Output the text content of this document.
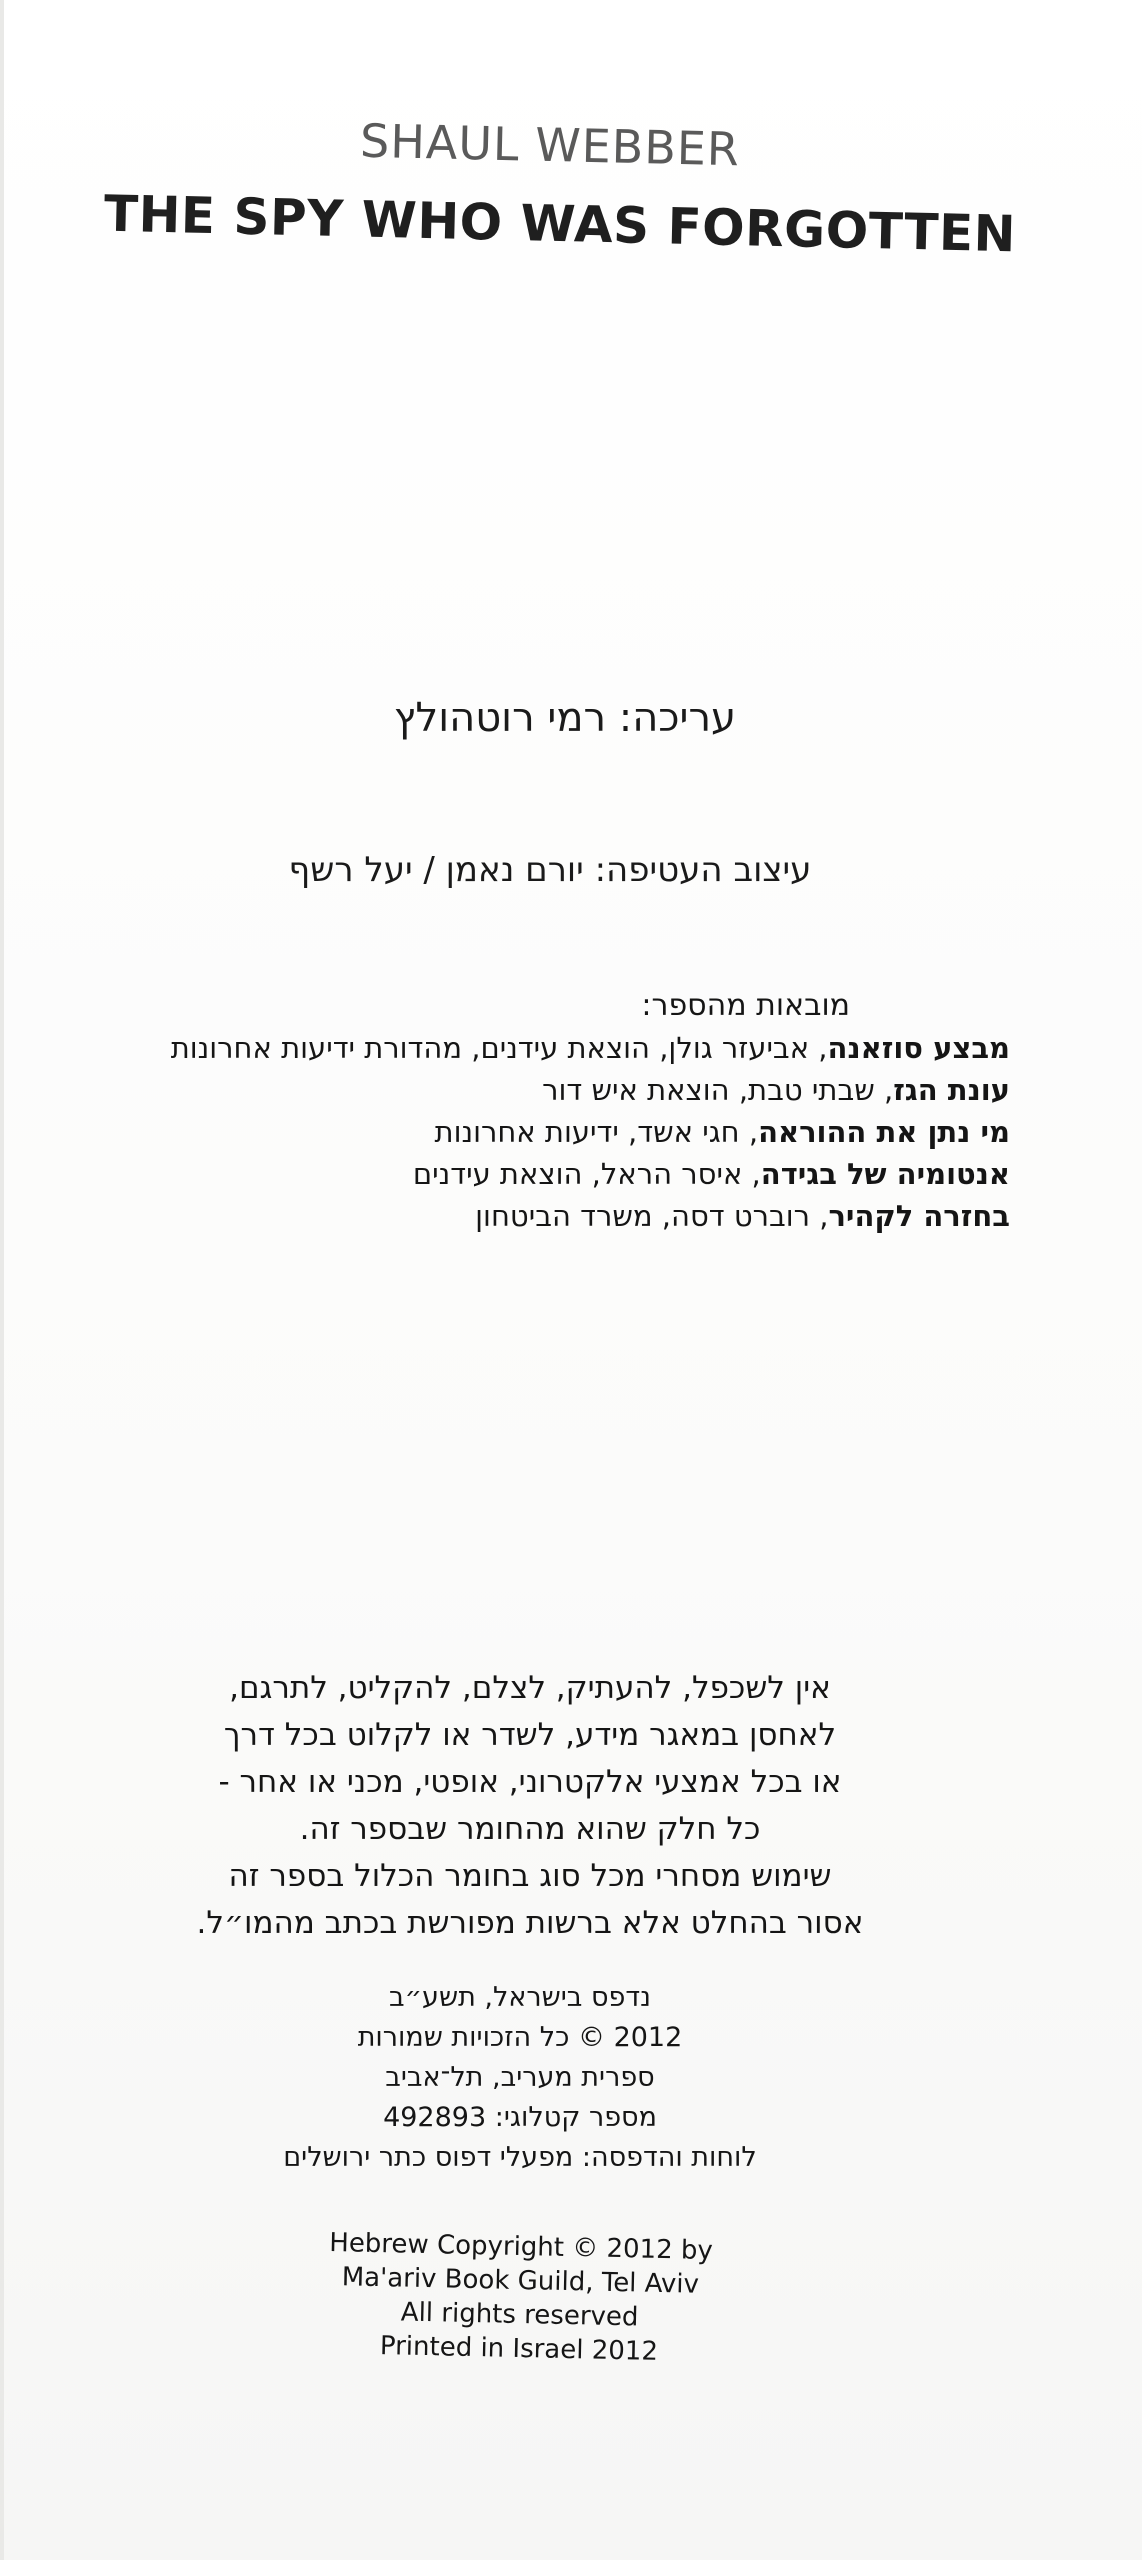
SHAUL WEBBER
THE SPY WHO WAS FORGOTTEN
עריכה: רמי רוטהולץ
עיצוב העטיפה: יורם נאמן / יעל רשף
מובאות מהספר:
מבצע סוזאנה, אביעזר גולן, הוצאת עידנים, מהדורת ידיעות אחרונות
עונת הגז, שבתי טבת, הוצאת איש דור
מי נתן את ההוראה, חגי אשד, ידיעות אחרונות
אנטומיה של בגידה, איסר הראל, הוצאת עידנים
בחזרה לקהיר, רוברט דסה, משרד הביטחון
אין לשכפל, להעתיק, לצלם, להקליט, לתרגם,
לאחסן במאגר מידע, לשדר או לקלוט בכל דרך
או בכל אמצעי אלקטרוני, אופטי, מכני או אחר -
כל חלק שהוא מהחומר שבספר זה.
שימוש מסחרי מכל סוג בחומר הכלול בספר זה
אסור בהחלט אלא ברשות מפורשת בכתב מהמו״ל.
נדפס בישראל, תשע״ב
2012 © כל הזכויות שמורות
ספרית מעריב, תל־אביב
מספר קטלוגי: 492893
לוחות והדפסה: מפעלי דפוס כתר ירושלים
Hebrew Copyright © 2012 by
Ma'ariv Book Guild, Tel Aviv
All rights reserved
Printed in Israel 2012
